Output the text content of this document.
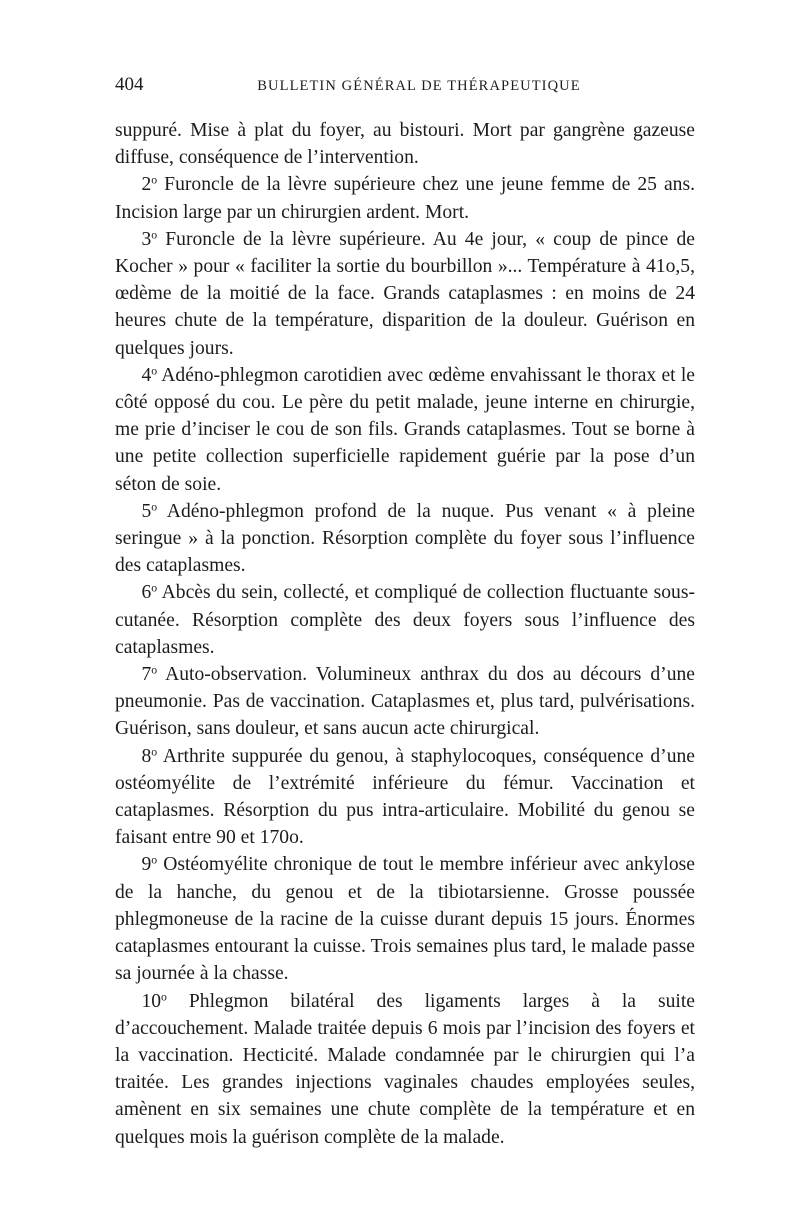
404	BULLETIN GÉNÉRAL DE THÉRAPEUTIQUE

suppuré. Mise à plat du foyer, au bistouri. Mort par gangrène gazeuse diffuse, conséquence de l’intervention.

2$^o$ Furoncle de la lèvre supérieure chez une jeune femme de 25 ans. Incision large par un chirurgien ardent. Mort.

3$^o$ Furoncle de la lèvre supérieure. Au 4e jour, « coup de pince de Kocher » pour « faciliter la sortie du bourbillon »... Température à 41o,5, œdème de la moitié de la face. Grands cataplasmes : en moins de 24 heures chute de la température, disparition de la douleur. Guérison en quelques jours.

4$^o$ Adéno-phlegmon carotidien avec œdème envahissant le thorax et le côté opposé du cou. Le père du petit malade, jeune interne en chirurgie, me prie d’inciser le cou de son fils. Grands cataplasmes. Tout se borne à une petite collection superficielle rapidement guérie par la pose d’un séton de soie.

5$^o$ Adéno-phlegmon profond de la nuque. Pus venant « à pleine seringue » à la ponction. Résorption complète du foyer sous l’influence des cataplasmes.

6$^o$ Abcès du sein, collecté, et compliqué de collection fluctuante sous-cutanée. Résorption complète des deux foyers sous l’influence des cataplasmes.

7$^o$ Auto-observation. Volumineux anthrax du dos au décours d’une pneumonie. Pas de vaccination. Cataplasmes et, plus tard, pulvérisations. Guérison, sans douleur, et sans aucun acte chirurgical.

8$^o$ Arthrite suppurée du genou, à staphylocoques, conséquence d’une ostéomyélite de l’extrémité inférieure du fémur. Vaccination et cataplasmes. Résorption du pus intra-articulaire. Mobilité du genou se faisant entre 90 et 170o.

9$^o$ Ostéomyélite chronique de tout le membre inférieur avec ankylose de la hanche, du genou et de la tibiotarsienne. Grosse poussée phlegmoneuse de la racine de la cuisse durant depuis 15 jours. Énormes cataplasmes entourant la cuisse. Trois semaines plus tard, le malade passe sa journée à la chasse.

10$^o$ Phlegmon bilatéral des ligaments larges à la suite d’accouchement. Malade traitée depuis 6 mois par l’incision des foyers et la vaccination. Hecticité. Malade condamnée par le chirurgien qui l’a traitée. Les grandes injections vaginales chaudes employées seules, amènent en six semaines une chute complète de la température et en quelques mois la guérison complète de la malade.
